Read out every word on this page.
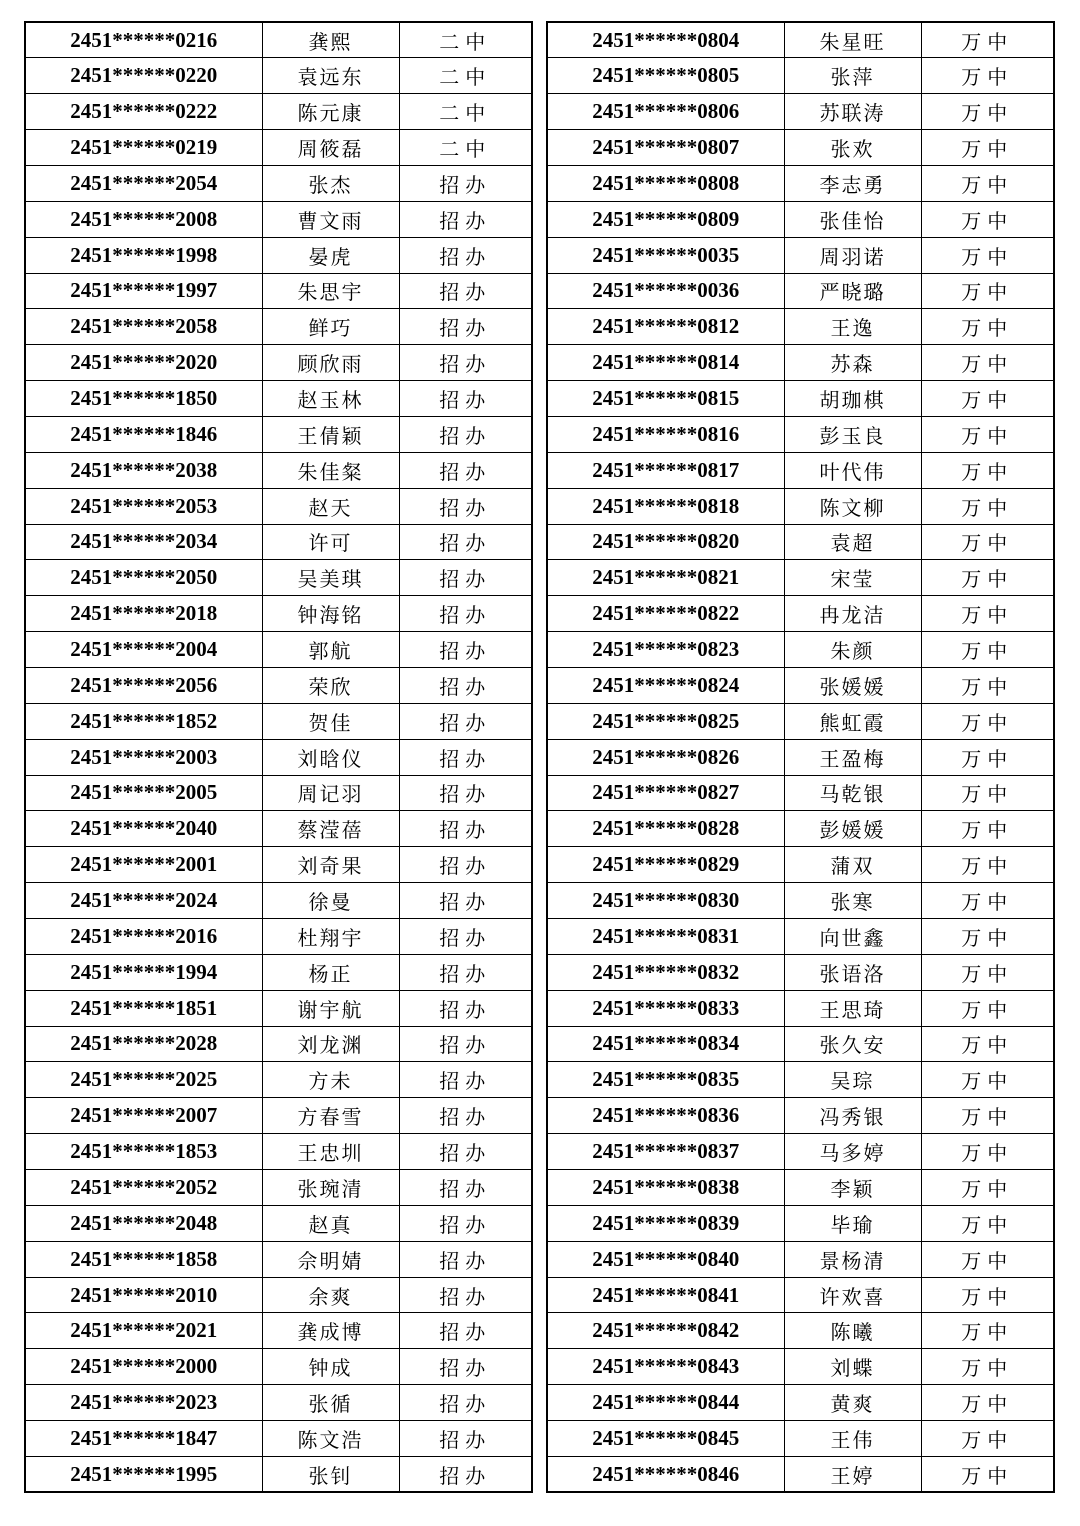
2451******0216	龚熙	二中
2451******0220	袁远东	二中
2451******0222	陈元康	二中
2451******0219	周筱磊	二中
2451******2054	张杰	招办
2451******2008	曹文雨	招办
2451******1998	晏虎	招办
2451******1997	朱思宇	招办
2451******2058	鲜巧	招办
2451******2020	顾欣雨	招办
2451******1850	赵玉林	招办
2451******1846	王倩颖	招办
2451******2038	朱佳粲	招办
2451******2053	赵天	招办
2451******2034	许可	招办
2451******2050	吴美琪	招办
2451******2018	钟海铭	招办
2451******2004	郭航	招办
2451******2056	荣欣	招办
2451******1852	贺佳	招办
2451******2003	刘晗仪	招办
2451******2005	周记羽	招办
2451******2040	蔡滢蓓	招办
2451******2001	刘奇果	招办
2451******2024	徐曼	招办
2451******2016	杜翔宇	招办
2451******1994	杨正	招办
2451******1851	谢宇航	招办
2451******2028	刘龙渊	招办
2451******2025	方未	招办
2451******2007	方春雪	招办
2451******1853	王忠圳	招办
2451******2052	张琬清	招办
2451******2048	赵真	招办
2451******1858	佘明婧	招办
2451******2010	余爽	招办
2451******2021	龚成博	招办
2451******2000	钟成	招办
2451******2023	张循	招办
2451******1847	陈文浩	招办
2451******1995	张钊	招办
2451******0804	朱星旺	万中
2451******0805	张萍	万中
2451******0806	苏联涛	万中
2451******0807	张欢	万中
2451******0808	李志勇	万中
2451******0809	张佳怡	万中
2451******0035	周羽诺	万中
2451******0036	严晓璐	万中
2451******0812	王逸	万中
2451******0814	苏森	万中
2451******0815	胡珈棋	万中
2451******0816	彭玉良	万中
2451******0817	叶代伟	万中
2451******0818	陈文柳	万中
2451******0820	袁超	万中
2451******0821	宋莹	万中
2451******0822	冉龙洁	万中
2451******0823	朱颜	万中
2451******0824	张媛媛	万中
2451******0825	熊虹霞	万中
2451******0826	王盈梅	万中
2451******0827	马乾银	万中
2451******0828	彭媛媛	万中
2451******0829	蒲双	万中
2451******0830	张寒	万中
2451******0831	向世鑫	万中
2451******0832	张语洛	万中
2451******0833	王思琦	万中
2451******0834	张久安	万中
2451******0835	吴琮	万中
2451******0836	冯秀银	万中
2451******0837	马多婷	万中
2451******0838	李颖	万中
2451******0839	毕瑜	万中
2451******0840	景杨清	万中
2451******0841	许欢喜	万中
2451******0842	陈曦	万中
2451******0843	刘蝶	万中
2451******0844	黄爽	万中
2451******0845	王伟	万中
2451******0846	王婷	万中
